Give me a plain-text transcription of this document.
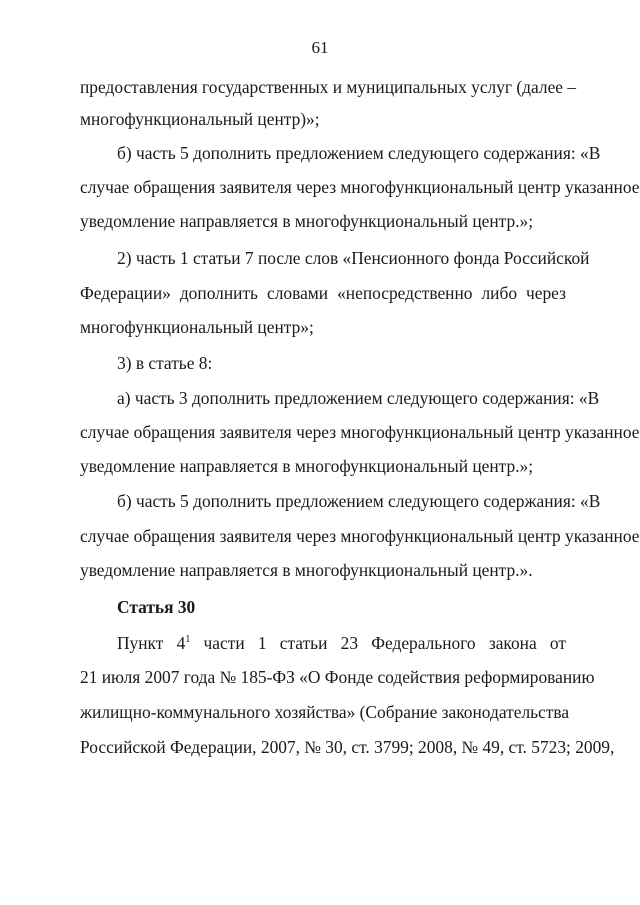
61
предоставления государственных и муниципальных услуг (далее –
многофункциональный центр)»;
б) часть 5 дополнить предложением следующего содержания: «В
случае обращения заявителя через многофункциональный центр указанное
уведомление направляется в многофункциональный центр.»;
2) часть 1 статьи 7 после слов «Пенсионного фонда Российской
Федерации» дополнить словами «непосредственно либо через
многофункциональный центр»;
3) в статье 8:
а) часть 3 дополнить предложением следующего содержания: «В
случае обращения заявителя через многофункциональный центр указанное
уведомление направляется в многофункциональный центр.»;
б) часть 5 дополнить предложением следующего содержания: «В
случае обращения заявителя через многофункциональный центр указанное
уведомление направляется в многофункциональный центр.».
Статья 30
Пункт $4^1$ части 1 статьи 23 Федерального закона от
21 июля 2007 года № 185-ФЗ «О Фонде содействия реформированию
жилищно-коммунального хозяйства» (Собрание законодательства
Российской Федерации, 2007, № 30, ст. 3799; 2008, № 49, ст. 5723; 2009,
